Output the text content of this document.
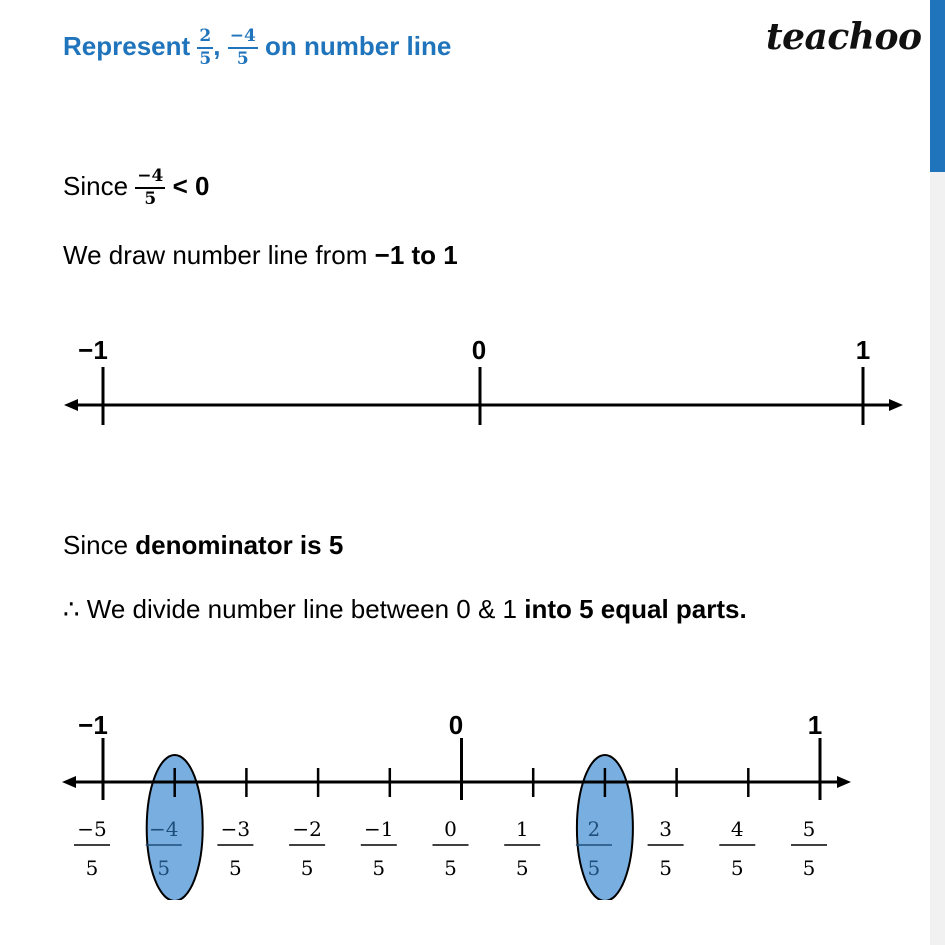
Represent $\frac{2}{5}$ , $\frac{-4}{5}$ on number line	teachoo
Since $\frac{-4}{5} < 0$
We draw number line from −1 to 1
−1	0	1
Since denominator is 5
∴ We divide number line between 0 & 1 into 5 equal parts.
−5
5
−4
5
−3
5
−2
5
−1
5
0
5
1
5
2
5
3
5
4
5
5
5
−1	0	1
